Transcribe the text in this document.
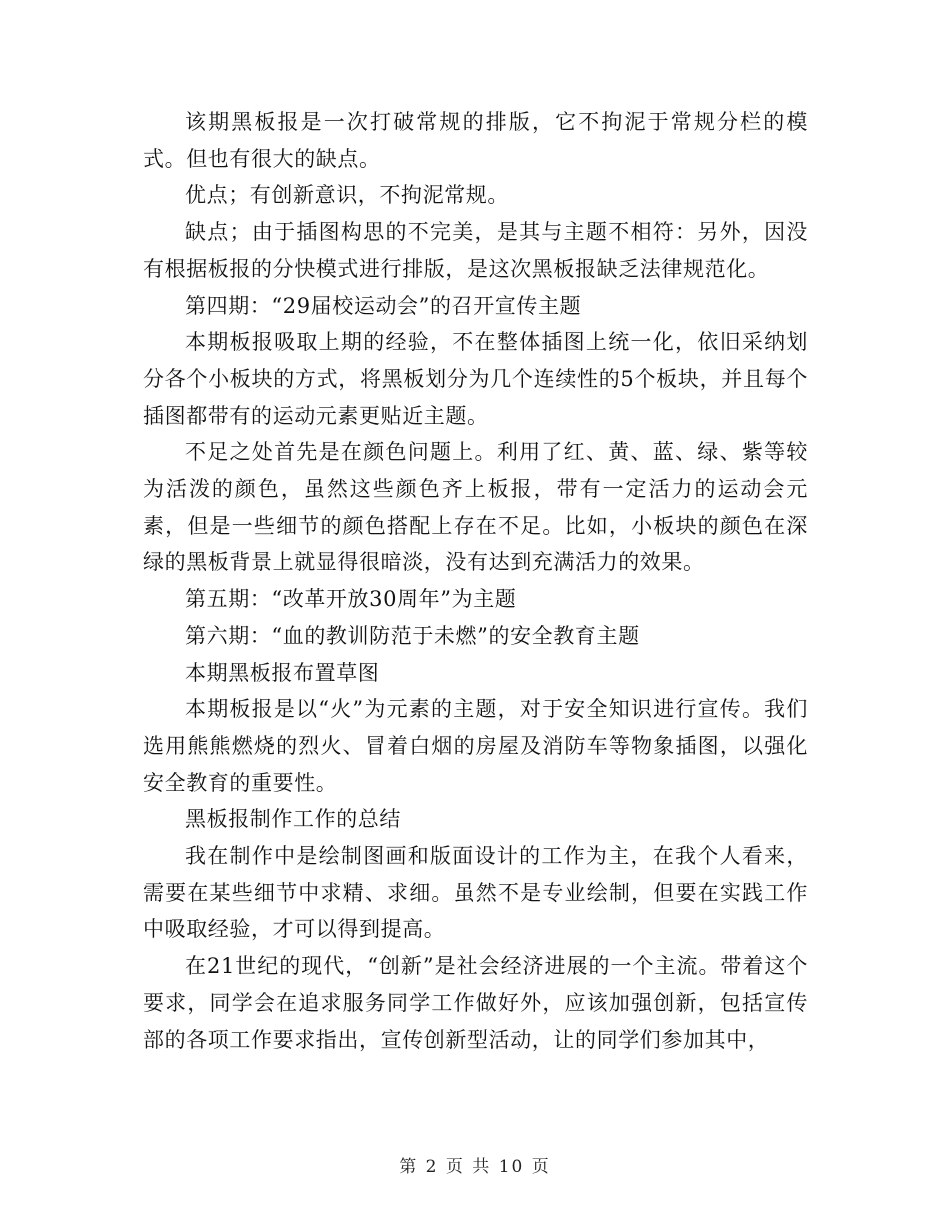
该期黑板报是一次打破常规的排版，它不拘泥于常规分栏的模式。但也有很大的缺点。

优点；有创新意识，不拘泥常规。

缺点；由于插图构思的不完美，是其与主题不相符：另外，因没有根据板报的分快模式进行排版，是这次黑板报缺乏法律规范化。

第四期：“29届校运动会”的召开宣传主题

本期板报吸取上期的经验，不在整体插图上统一化，依旧采纳划分各个小板块的方式，将黑板划分为几个连续性的5个板块，并且每个插图都带有的运动元素更贴近主题。

不足之处首先是在颜色问题上。利用了红、黄、蓝、绿、紫等较为活泼的颜色，虽然这些颜色齐上板报，带有一定活力的运动会元素，但是一些细节的颜色搭配上存在不足。比如，小板块的颜色在深绿的黑板背景上就显得很暗淡，没有达到充满活力的效果。

第五期：“改革开放30周年”为主题

第六期：“血的教训防范于未燃”的安全教育主题

本期黑板报布置草图

本期板报是以“火”为元素的主题，对于安全知识进行宣传。我们选用熊熊燃烧的烈火、冒着白烟的房屋及消防车等物象插图，以强化安全教育的重要性。

黑板报制作工作的总结

我在制作中是绘制图画和版面设计的工作为主，在我个人看来，需要在某些细节中求精、求细。虽然不是专业绘制，但要在实践工作中吸取经验，才可以得到提高。

在21世纪的现代，“创新”是社会经济进展的一个主流。带着这个要求，同学会在追求服务同学工作做好外，应该加强创新，包括宣传部的各项工作要求指出，宣传创新型活动，让的同学们参加其中，

第 2 页 共 10 页
